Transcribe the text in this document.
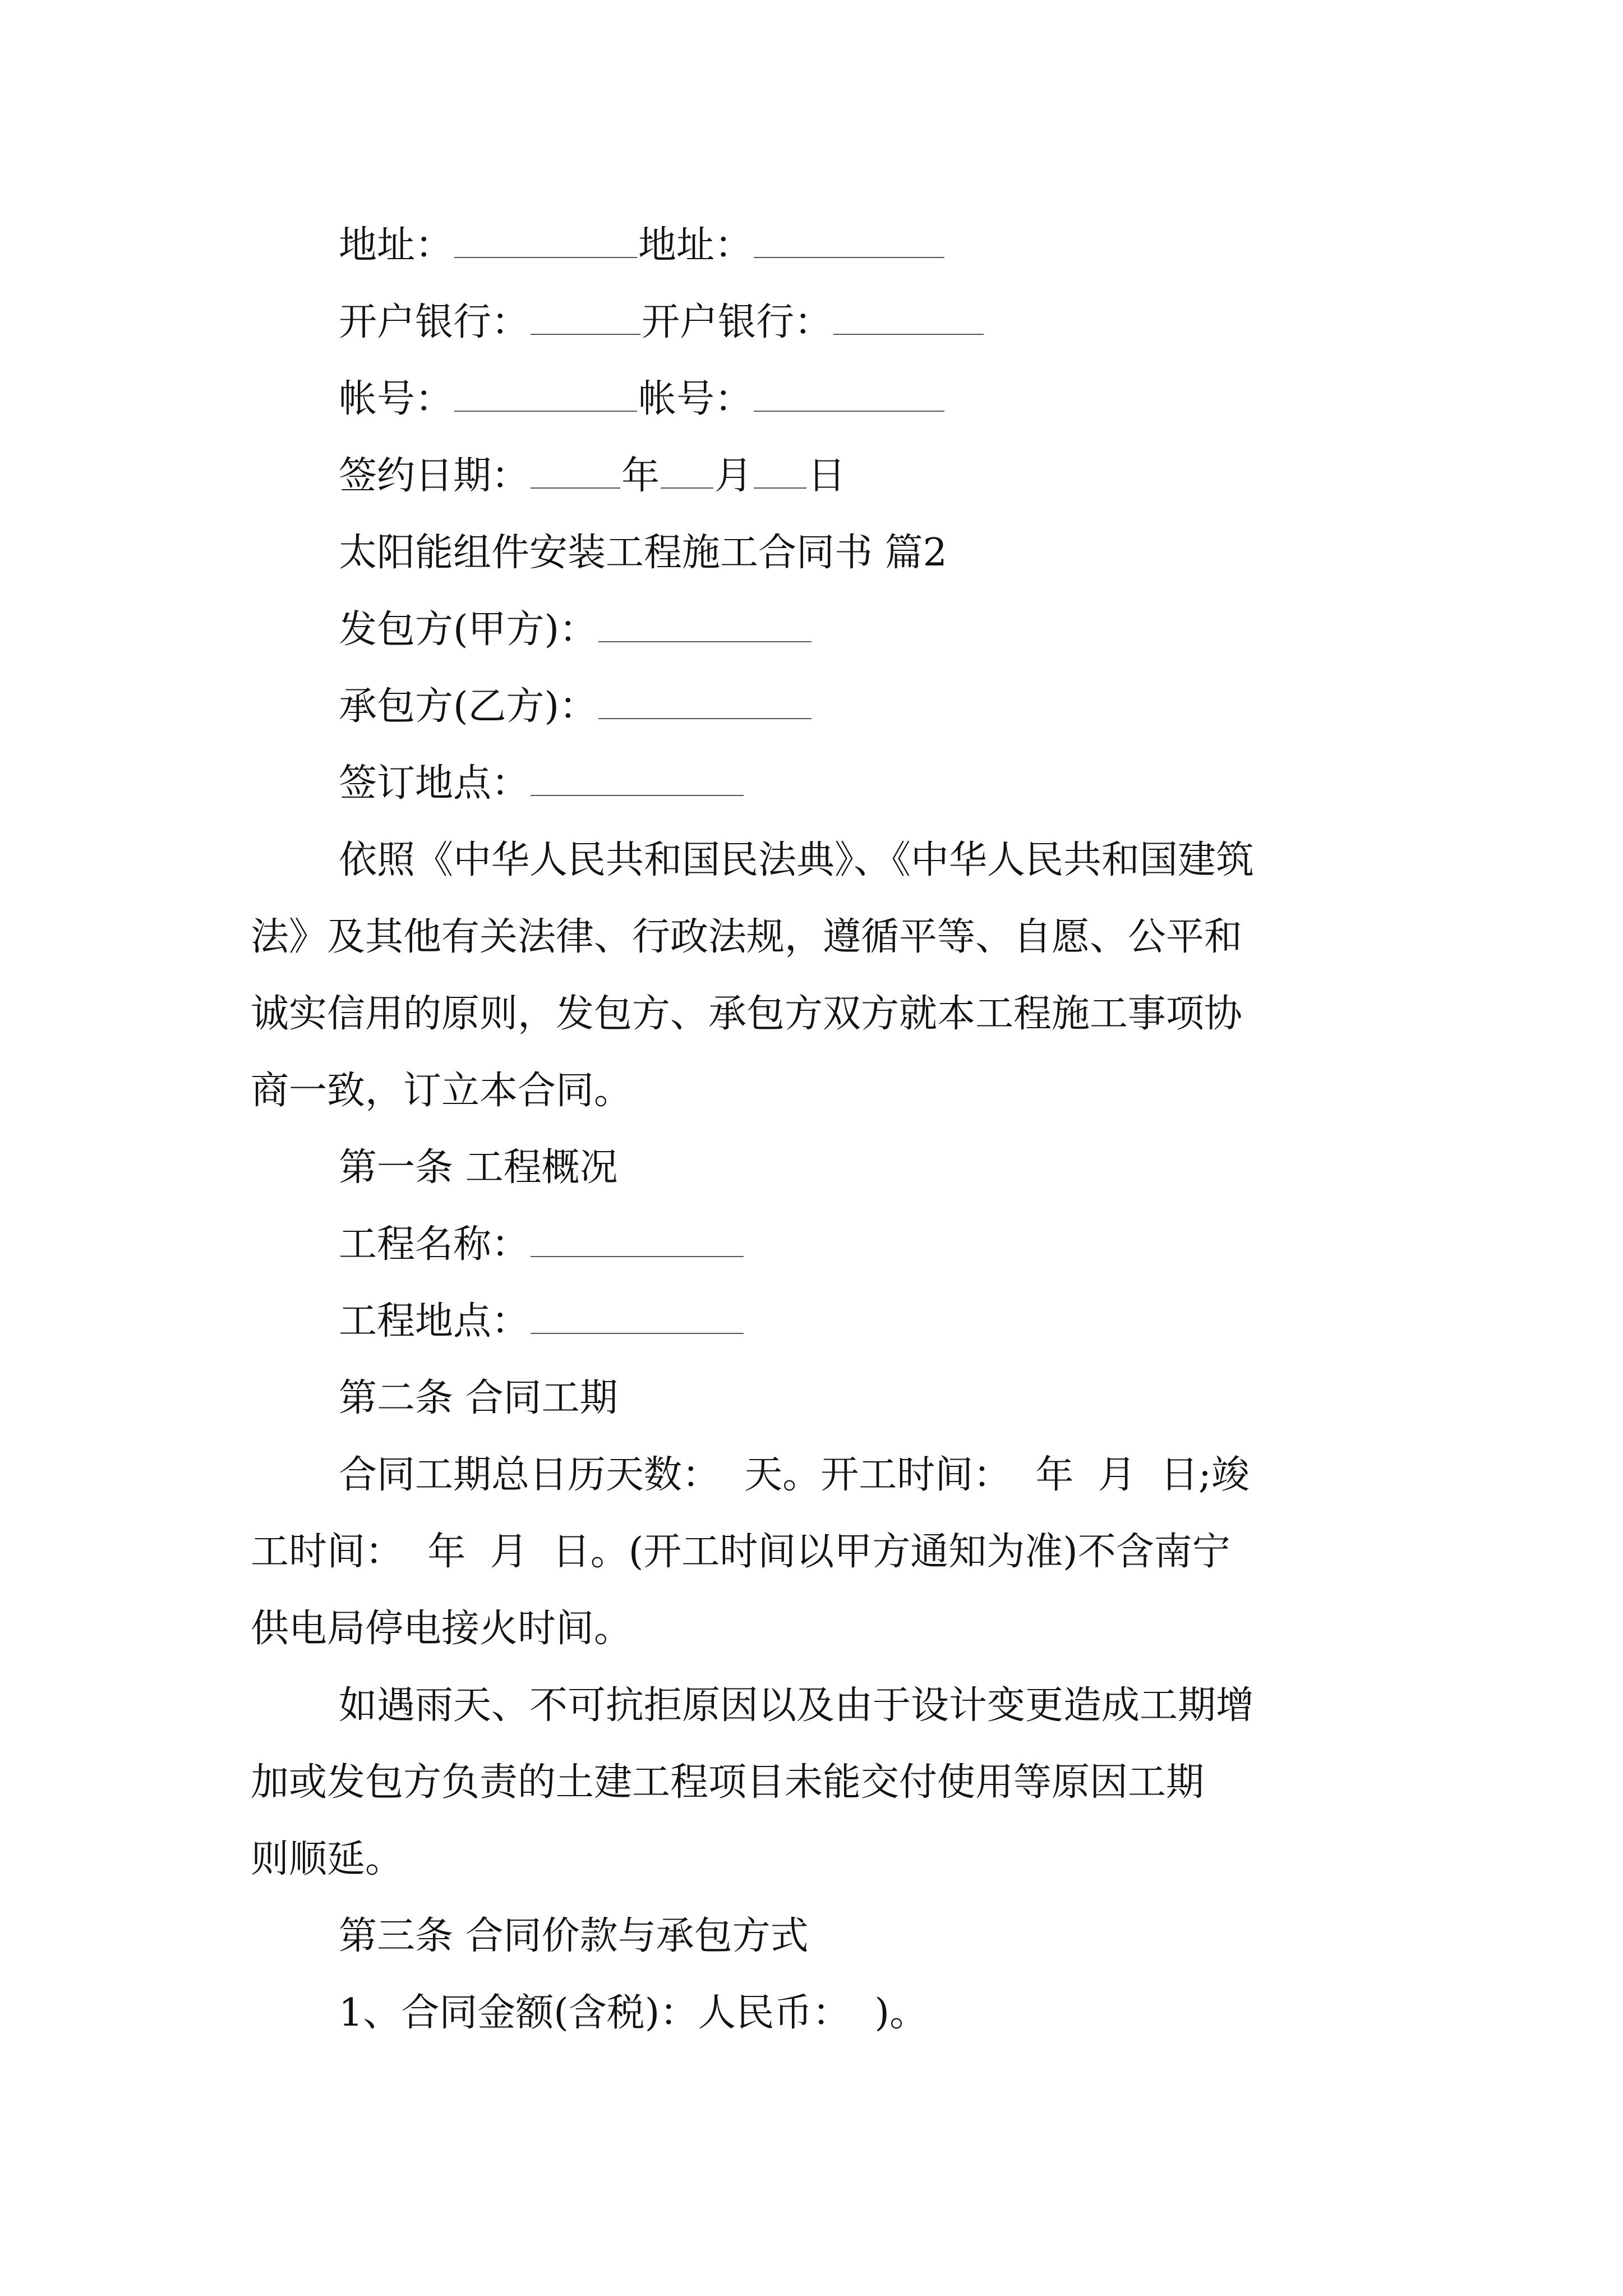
地址：	地址：
开户银行：	开户银行：
帐号：	帐号：
签约日期： 年 月 日
太阳能组件安装工程施工合同书 篇2
发包方(甲方)：
承包方(乙方)：
签订地点：
依照《中华人民共和国民法典》、《中华人民共和国建筑
法》及其他有关法律、行政法规，遵循平等、自愿、公平和
诚实信用的原则，发包方、承包方双方就本工程施工事项协
商一致，订立本合同。
第一条 工程概况
工程名称：
工程地点：
第二条 合同工期
合同工期总日历天数：  天。开工时间：  年  月  日;竣
工时间：  年  月  日。(开工时间以甲方通知为准)不含南宁
供电局停电接火时间。
如遇雨天、不可抗拒原因以及由于设计变更造成工期增
加或发包方负责的土建工程项目未能交付使用等原因工期
则顺延。
第三条 合同价款与承包方式
1、合同金额(含税)：人民币：  )。
